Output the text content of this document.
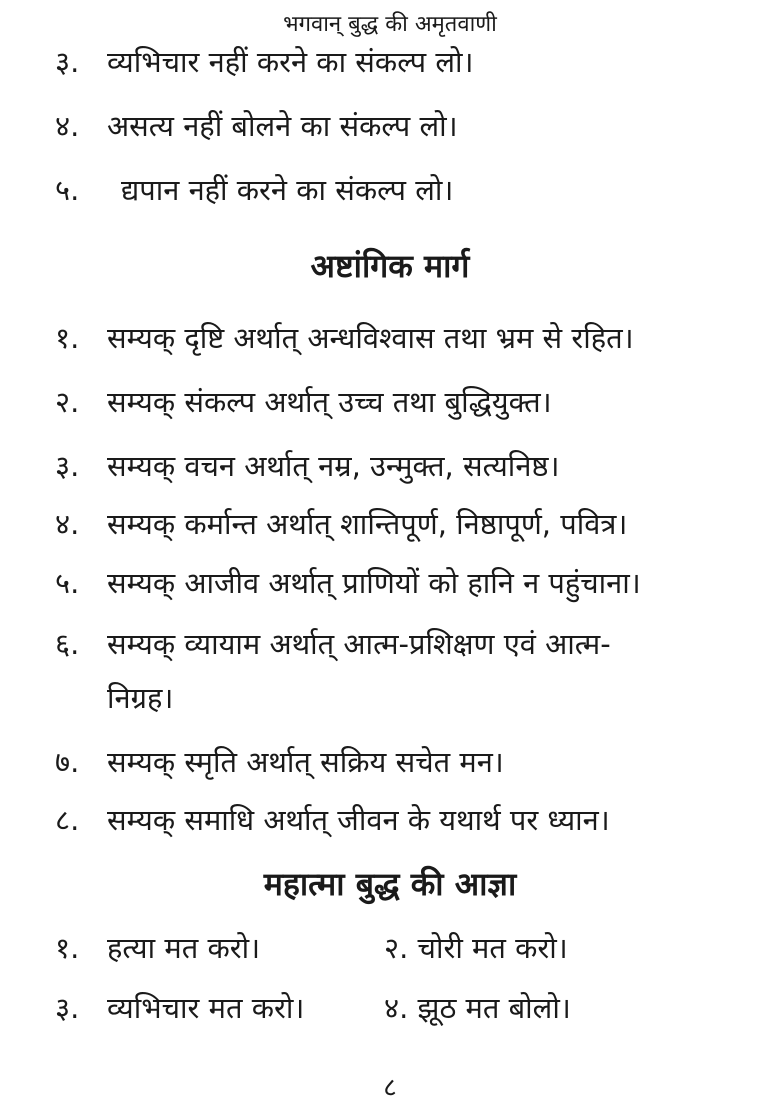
भगवान् बुद्ध की अमृतवाणी
३. व्यभिचार नहीं करने का संकल्प लो।
४. असत्य नहीं बोलने का संकल्प लो।
५. द्यपान नहीं करने का संकल्प लो।
अष्टांगिक मार्ग
१. सम्यक् दृष्टि अर्थात् अन्धविश्वास तथा भ्रम से रहित।
२. सम्यक् संकल्प अर्थात् उच्च तथा बुद्धियुक्त।
३. सम्यक् वचन अर्थात् नम्र, उन्मुक्त, सत्यनिष्ठ।
४. सम्यक् कर्मान्त अर्थात् शान्तिपूर्ण, निष्ठापूर्ण, पवित्र।
५. सम्यक् आजीव अर्थात् प्राणियों को हानि न पहुंचाना।
६. सम्यक् व्यायाम अर्थात् आत्म-प्रशिक्षण एवं आत्म-
निग्रह।
७. सम्यक् स्मृति अर्थात् सक्रिय सचेत मन।
८. सम्यक् समाधि अर्थात् जीवन के यथार्थ पर ध्यान।
महात्मा बुद्ध की आज्ञा
१. हत्या मत करो।	२. चोरी मत करो।
३. व्यभिचार मत करो।	४. झूठ मत बोलो।
८
